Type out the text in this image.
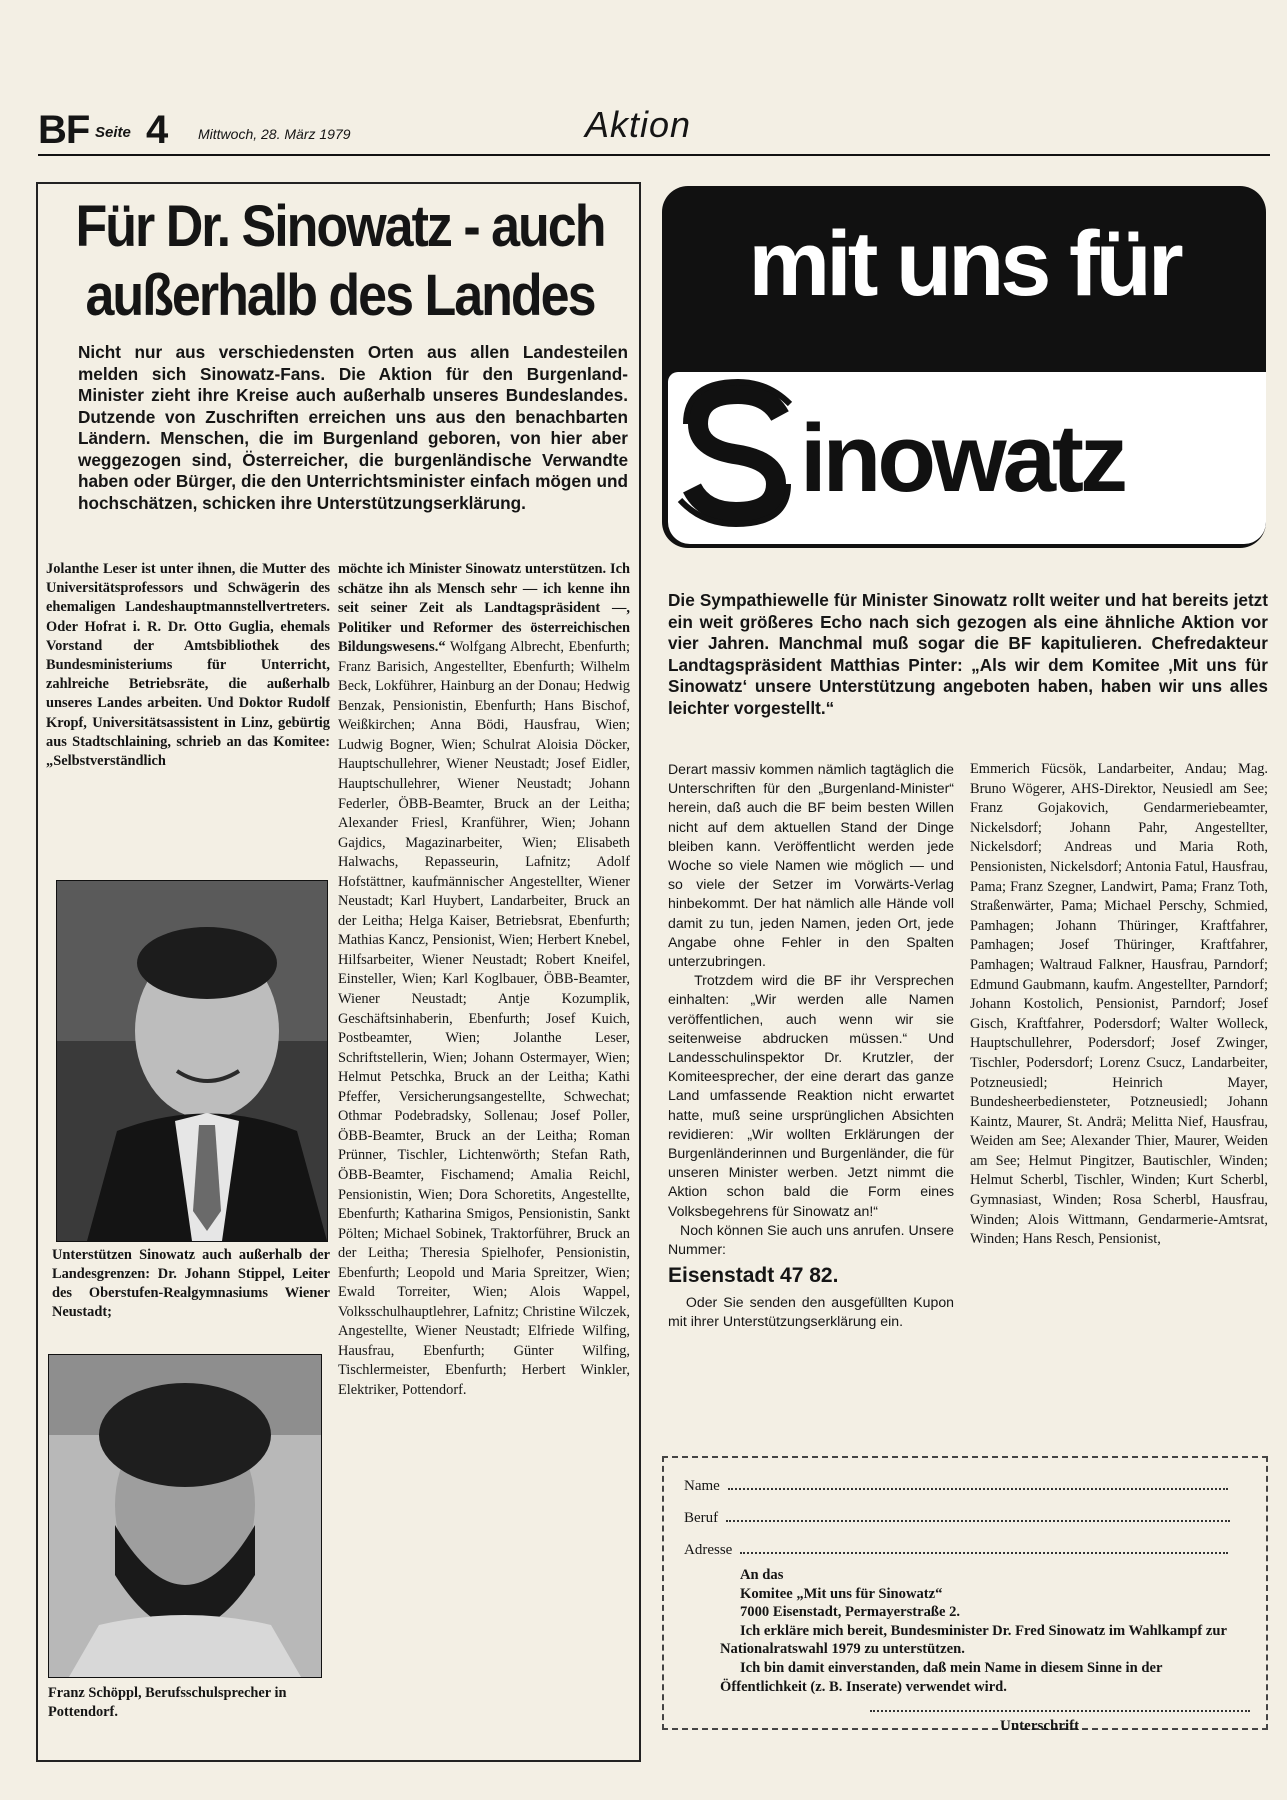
BF Seite 4 Mittwoch, 28. März 1979	Aktion
Für Dr. Sinowatz - auch
außerhalb des Landes
Nicht nur aus verschiedensten Orten aus allen Landesteilen melden sich Sinowatz-Fans. Die Aktion für den Burgenland-Minister zieht ihre Kreise auch außerhalb unseres Bundeslandes. Dutzende von Zuschriften erreichen uns aus den benachbarten Ländern. Menschen, die im Burgenland geboren, von hier aber weggezogen sind, Österreicher, die burgenländische Verwandte haben oder Bürger, die den Unterrichtsminister einfach mögen und hochschätzen, schicken ihre Unterstützungserklärung.
Jolanthe Leser ist unter ihnen, die Mutter des Universitätsprofessors und Schwägerin des ehemaligen Landeshauptmannstellvertreters. Oder Hofrat i. R. Dr. Otto Guglia, ehemals Vorstand der Amtsbibliothek des Bundesministeriums für Unterricht, zahlreiche Betriebsräte, die außerhalb unseres Landes arbeiten. Und Doktor Rudolf Kropf, Universitätsassistent in Linz, gebürtig aus Stadtschlaining, schrieb an das Komitee: „Selbstverständlich
Unterstützen Sinowatz auch außerhalb der Landesgrenzen: Dr. Johann Stippel, Leiter des Oberstufen-Realgymnasiums Wiener Neustadt;
Franz Schöppl, Berufsschulsprecher in Pottendorf.
möchte ich Minister Sinowatz unterstützen. Ich schätze ihn als Mensch sehr — ich kenne ihn seit seiner Zeit als Landtagspräsident —, Politiker und Reformer des österreichischen Bildungswesens.“ Wolfgang Albrecht, Ebenfurth; Franz Barisich, Angestellter, Ebenfurth; Wilhelm Beck, Lokführer, Hainburg an der Donau; Hedwig Benzak, Pensionistin, Ebenfurth; Hans Bischof, Weißkirchen; Anna Bödi, Hausfrau, Wien; Ludwig Bogner, Wien; Schulrat Aloisia Döcker, Hauptschullehrer, Wiener Neustadt; Josef Eidler, Hauptschullehrer, Wiener Neustadt; Johann Federler, ÖBB-Beamter, Bruck an der Leitha; Alexander Friesl, Kranführer, Wien; Johann Gajdics, Magazinarbeiter, Wien; Elisabeth Halwachs, Repasseurin, Lafnitz; Adolf Hofstättner, kaufmännischer Angestellter, Wiener Neustadt; Karl Huybert, Landarbeiter, Bruck an der Leitha; Helga Kaiser, Betriebsrat, Ebenfurth; Mathias Kancz, Pensionist, Wien; Herbert Knebel, Hilfsarbeiter, Wiener Neustadt; Robert Kneifel, Einsteller, Wien; Karl Koglbauer, ÖBB-Beamter, Wiener Neustadt; Antje Kozumplik, Geschäftsinhaberin, Ebenfurth; Josef Kuich, Postbeamter, Wien; Jolanthe Leser, Schriftstellerin, Wien; Johann Ostermayer, Wien; Helmut Petschka, Bruck an der Leitha; Kathi Pfeffer, Versicherungsangestellte, Schwechat; Othmar Podebradsky, Sollenau; Josef Poller, ÖBB-Beamter, Bruck an der Leitha; Roman Prünner, Tischler, Lichtenwörth; Stefan Rath, ÖBB-Beamter, Fischamend; Amalia Reichl, Pensionistin, Wien; Dora Schoretits, Angestellte, Ebenfurth; Katharina Smigos, Pensionistin, Sankt Pölten; Michael Sobinek, Traktorführer, Bruck an der Leitha; Theresia Spielhofer, Pensionistin, Ebenfurth; Leopold und Maria Spreitzer, Wien; Ewald Torreiter, Wien; Alois Wappel, Volksschulhauptlehrer, Lafnitz; Christine Wilczek, Angestellte, Wiener Neustadt; Elfriede Wilfing, Hausfrau, Ebenfurth; Günter Wilfing, Tischlermeister, Ebenfurth; Herbert Winkler, Elektriker, Pottendorf.
mit uns für
inowatz
Die Sympathiewelle für Minister Sinowatz rollt weiter und hat bereits jetzt ein weit größeres Echo nach sich gezogen als eine ähnliche Aktion vor vier Jahren. Manchmal muß sogar die BF kapitulieren. Chefredakteur Landtagspräsident Matthias Pinter: „Als wir dem Komitee ‚Mit uns für Sinowatz‘ unsere Unterstützung angeboten haben, haben wir uns alles leichter vorgestellt.“
Derart massiv kommen nämlich tagtäglich die Unterschriften für den „Burgenland-Minister“ herein, daß auch die BF beim besten Willen nicht auf dem aktuellen Stand der Dinge bleiben kann. Veröffentlicht werden jede Woche so viele Namen wie möglich — und so viele der Setzer im Vorwärts-Verlag hinbekommt. Der hat nämlich alle Hände voll damit zu tun, jeden Namen, jeden Ort, jede Angabe ohne Fehler in den Spalten unterzubringen.
Trotzdem wird die BF ihr Versprechen einhalten: „Wir werden alle Namen veröffentlichen, auch wenn wir sie seitenweise abdrucken müssen.“ Und Landesschulinspektor Dr. Krutzler, der Komiteesprecher, der eine derart das ganze Land umfassende Reaktion nicht erwartet hatte, muß seine ursprünglichen Absichten revidieren: „Wir wollten Erklärungen der Burgenländerinnen und Burgenländer, die für unseren Minister werben. Jetzt nimmt die Aktion schon bald die Form eines Volksbegehrens für Sinowatz an!“
Noch können Sie auch uns anrufen. Unsere Nummer:
Eisenstadt 47 82.
Oder Sie senden den ausgefüllten Kupon mit ihrer Unterstützungserklärung ein.
Emmerich Fücsök, Landarbeiter, Andau; Mag. Bruno Wögerer, AHS-Direktor, Neusiedl am See; Franz Gojakovich, Gendarmeriebeamter, Nickelsdorf; Johann Pahr, Angestellter, Nickelsdorf; Andreas und Maria Roth, Pensionisten, Nickelsdorf; Antonia Fatul, Hausfrau, Pama; Franz Szegner, Landwirt, Pama; Franz Toth, Straßenwärter, Pama; Michael Perschy, Schmied, Pamhagen; Johann Thüringer, Kraftfahrer, Pamhagen; Josef Thüringer, Kraftfahrer, Pamhagen; Waltraud Falkner, Hausfrau, Parndorf; Edmund Gaubmann, kaufm. Angestellter, Parndorf; Johann Kostolich, Pensionist, Parndorf; Josef Gisch, Kraftfahrer, Podersdorf; Walter Wolleck, Hauptschullehrer, Podersdorf; Josef Zwinger, Tischler, Podersdorf; Lorenz Csucz, Landarbeiter, Potzneusiedl; Heinrich Mayer, Bundesheerbediensteter, Potzneusiedl; Johann Kaintz, Maurer, St. Andrä; Melitta Nief, Hausfrau, Weiden am See; Alexander Thier, Maurer, Weiden am See; Helmut Pingitzer, Bautischler, Winden; Helmut Scherbl, Tischler, Winden; Kurt Scherbl, Gymnasiast, Winden; Rosa Scherbl, Hausfrau, Winden; Alois Wittmann, Gendarmerie-Amtsrat, Winden; Hans Resch, Pensionist,
Name
Beruf
Adresse
An das
Komitee „Mit uns für Sinowatz“
7000 Eisenstadt, Permayerstraße 2.
Ich erkläre mich bereit, Bundesminister Dr. Fred Sinowatz im Wahlkampf zur Nationalratswahl 1979 zu unterstützen.
Ich bin damit einverstanden, daß mein Name in diesem Sinne in der Öffentlichkeit (z. B. Inserate) verwendet wird.
Unterschrift
